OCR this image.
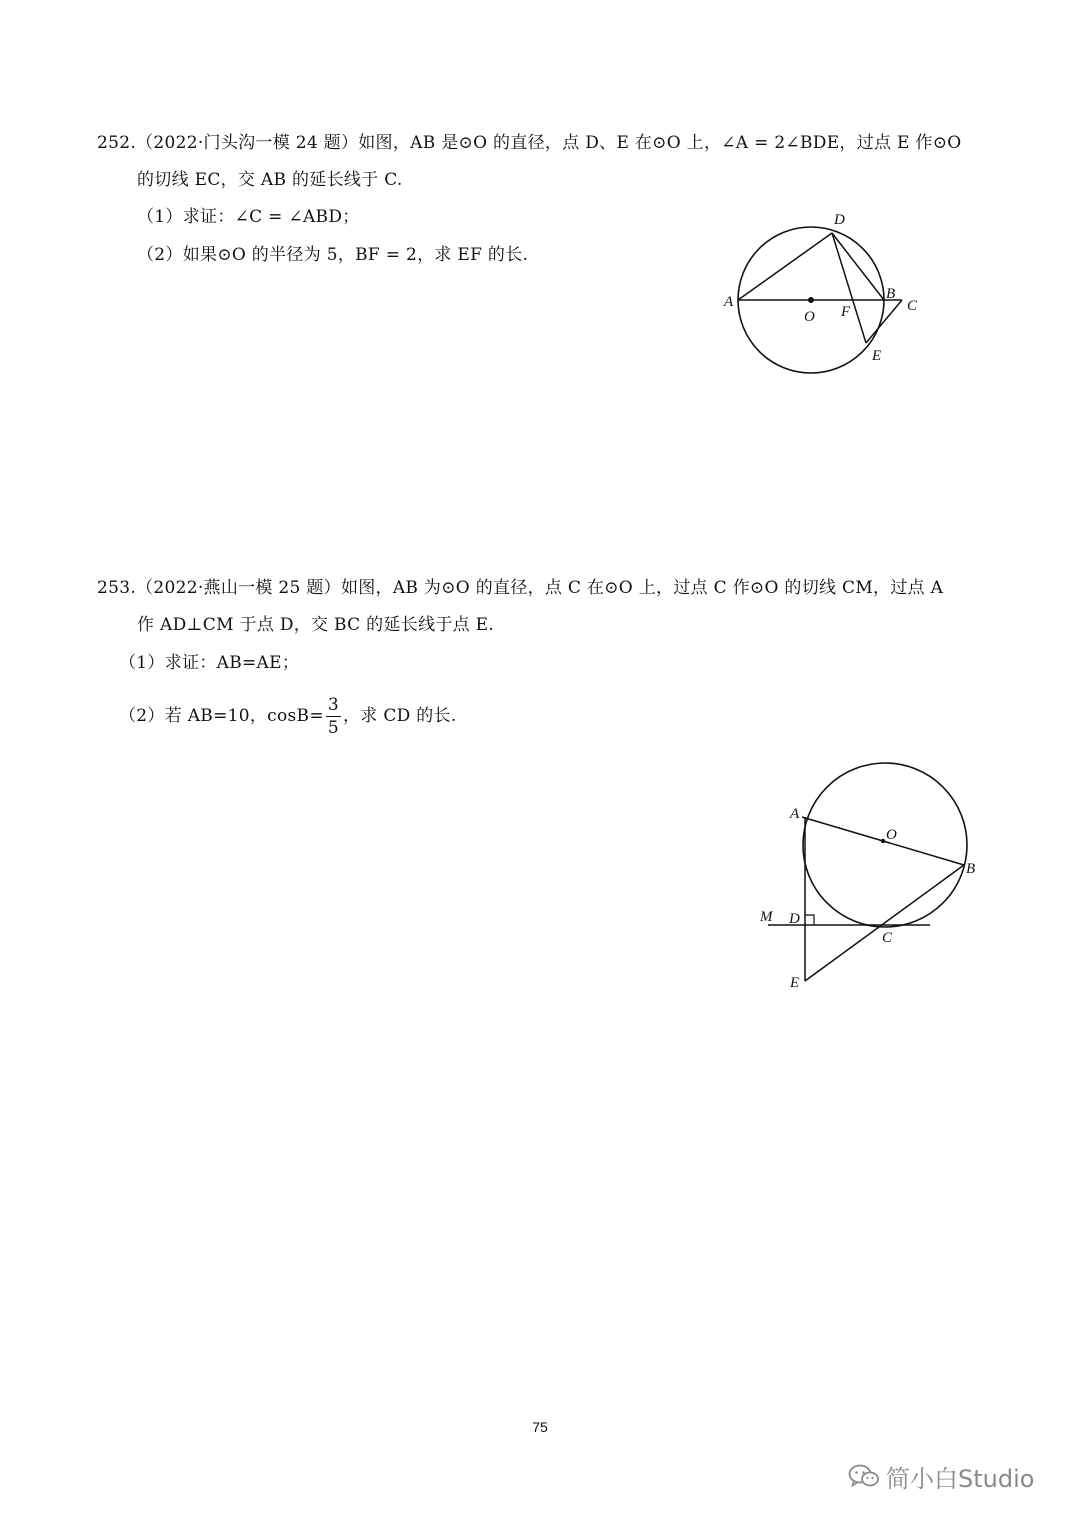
252.（2022·门头沟一模 24 题）如图，AB 是⊙O 的直径，点 D、E 在⊙O 上，∠A = 2∠BDE，过点 E 作⊙O
的切线 EC，交 AB 的延长线于 C.
（1）求证：∠C = ∠ABD；
（2）如果⊙O 的半径为 5，BF = 2，求 EF 的长.
A	B
C
D
E
F
O
253.（2022·燕山一模 25 题）如图，AB 为⊙O 的直径，点 C 在⊙O 上，过点 C 作⊙O 的切线 CM，过点 A
作 AD⊥CM 于点 D，交 BC 的延长线于点 E.
（1）求证：AB=AE；
（2）若 AB=10，$\cos B= \frac{3}{5}$ ，求 CD 的长.
A
B
C
D
E
M
O
75
简小白Studio
